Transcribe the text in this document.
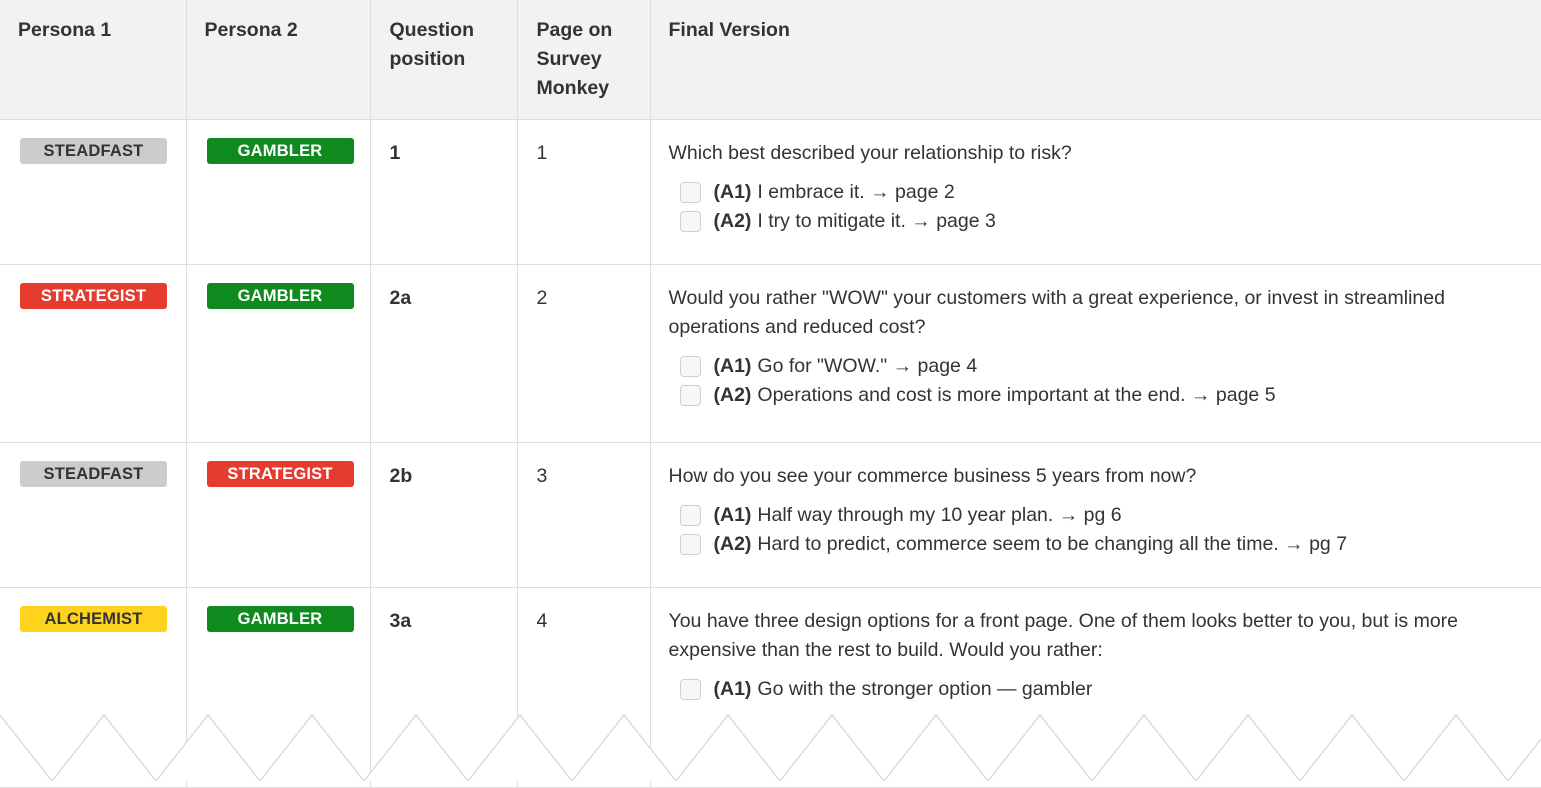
Persona 1	Persona 2	Question position	Page on Survey Monkey	Final Version
STEADFAST	GAMBLER	1	1	Which best described your relationship to risk?
(A1) I embrace it. → page 2
(A2) I try to mitigate it. → page 3

STRATEGIST	GAMBLER	2a	2	Would you rather "WOW" your customers with a great experience, or invest in streamlined operations and reduced cost?
(A1) Go for "WOW." → page 4
(A2) Operations and cost is more important at the end. → page 5

STEADFAST	STRATEGIST	2b	3	How do you see your commerce business 5 years from now?
(A1) Half way through my 10 year plan. → pg 6
(A2) Hard to predict, commerce seem to be changing all the time. → pg 7

ALCHEMIST	GAMBLER	3a	4	You have three design options for a front page. One of them looks better to you, but is more expensive than the rest to build. Would you rather:
(A1) Go with the stronger option — gambler
